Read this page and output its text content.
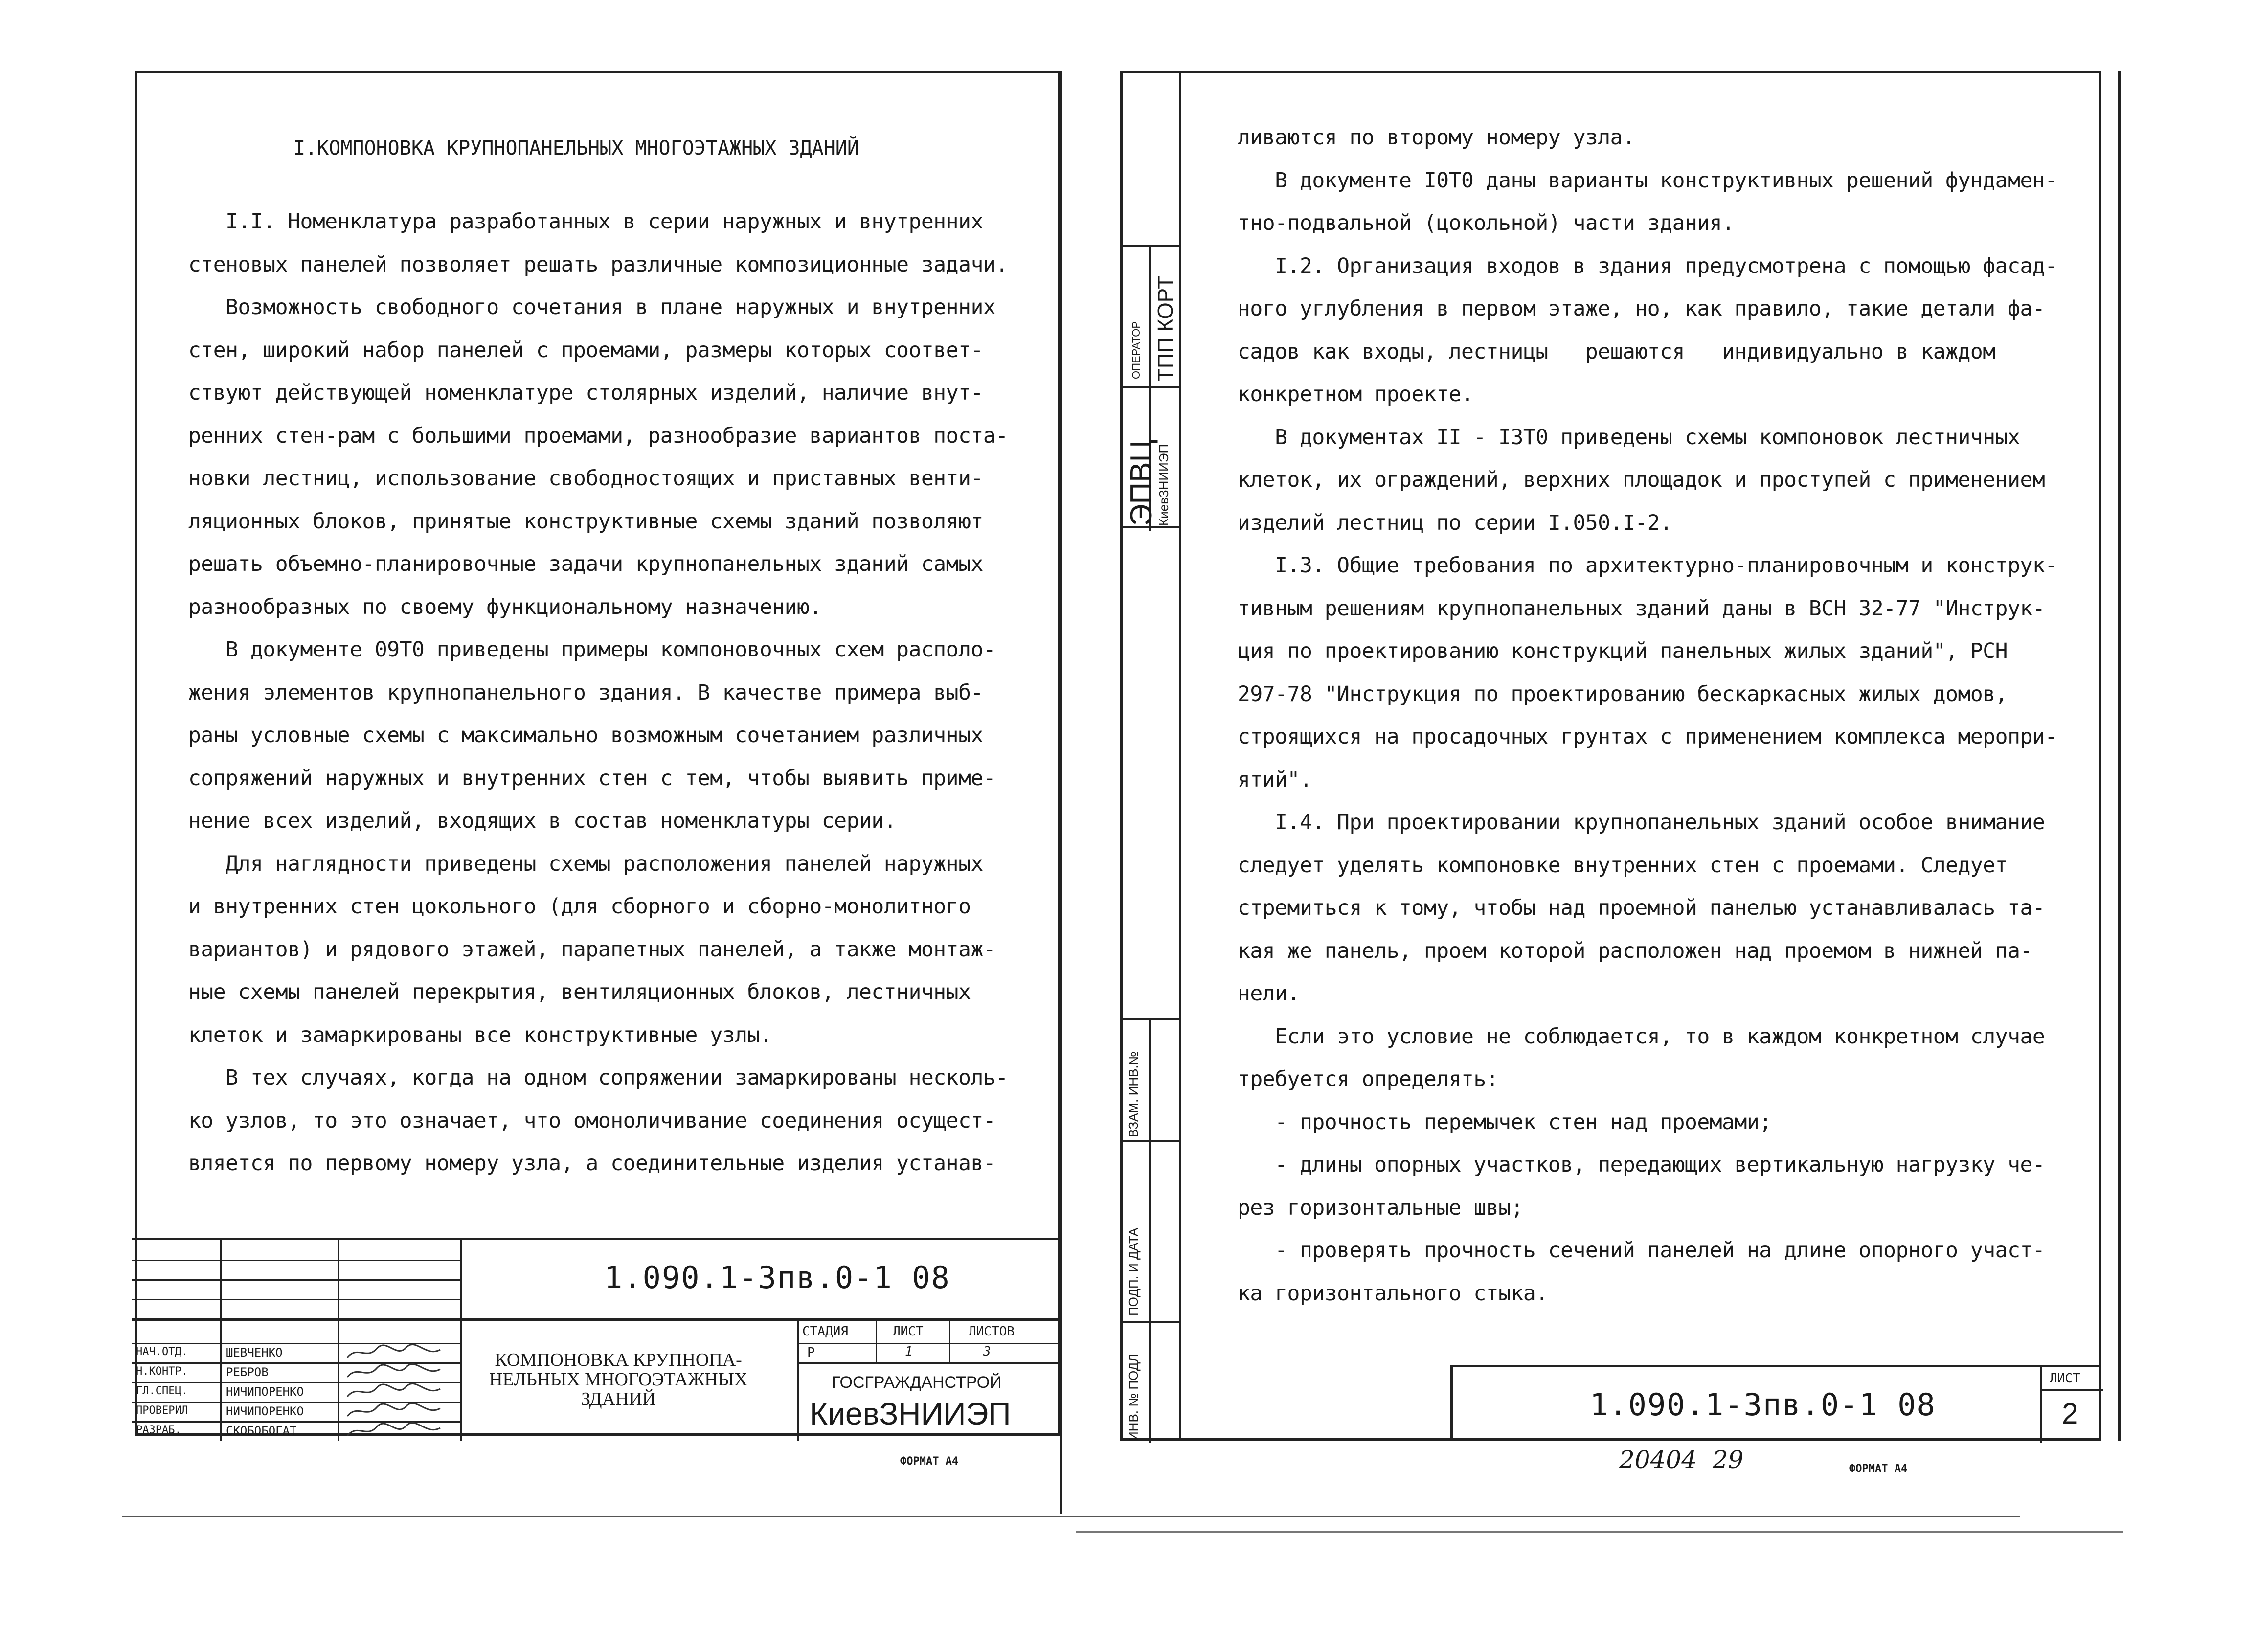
I.КОМПОНОВКА КРУПНОПАНЕЛЬНЫХ МНОГОЭТАЖНЫХ ЗДАНИЙ
I.I. Номенклатура разработанных в серии наружных и внутренних
стеновых панелей позволяет решать различные композиционные задачи.
Возможность свободного сочетания в плане наружных и внутренних
стен, широкий набор панелей с проемами, размеры которых соответ-
ствуют действующей номенклатуре столярных изделий, наличие внут-
ренних стен-рам с большими проемами, разнообразие вариантов поста-
новки лестниц, использование свободностоящих и приставных венти-
ляционных блоков, принятые конструктивные схемы зданий позволяют
решать объемно-планировочные задачи крупнопанельных зданий самых
разнообразных по своему функциональному назначению.
В документе 09Т0 приведены примеры компоновочных схем располо-
жения элементов крупнопанельного здания. В качестве примера выб-
раны условные схемы с максимально возможным сочетанием различных
сопряжений наружных и внутренних стен с тем, чтобы выявить приме-
нение всех изделий, входящих в состав номенклатуры серии.
Для наглядности приведены схемы расположения панелей наружных
и внутренних стен цокольного (для сборного и сборно-монолитного
вариантов) и рядового этажей, парапетных панелей, а также монтаж-
ные схемы панелей перекрытия, вентиляционных блоков, лестничных
клеток и замаркированы все конструктивные узлы.
В тех случаях, когда на одном сопряжении замаркированы несколь-
ко узлов, то это означает, что омоноличивание соединения осущест-
вляется по первому номеру узла, а соединительные изделия устанав-
1.090.1-3пв.0-1 08
НАЧ.ОТД.	ШЕВЧЕНКО
Н.КОНТР.	РЕБРОВ
ГЛ.СПЕЦ.	НИЧИПОРЕНКО
ПРОВЕРИЛ	НИЧИПОРЕНКО
РАЗРАБ.	СКОБОБОГАТ
КОМПОНОВКА КРУПНОПА-
НЕЛЬНЫХ МНОГОЭТАЖНЫХ
ЗДАНИЙ
СТАДИЯ	ЛИСТ	ЛИСТОВ
Р	1	3
ГОСГРАЖДАНСТРОЙ
КиевЗНИИЭП
ФОРМАТ А4
ЭПВЦ
КиевЗНИИЭП
ОПЕРАТОР ТПП КОРТ
ИНВ. № ПОДЛ
ПОДП. И ДАТА
ВЗАМ. ИНВ.№
ливаются по второму номеру узла.
В документе I0Т0 даны варианты конструктивных решений фундамен-
тно-подвальной (цокольной) части здания.
I.2. Организация входов в здания предусмотрена с помощью фасад-
ного углубления в первом этаже, но, как правило, такие детали фа-
садов как входы, лестницы   решаются   индивидуально в каждом
конкретном проекте.
В документах II - I3Т0 приведены схемы компоновок лестничных
клеток, их ограждений, верхних площадок и проступей с применением
изделий лестниц по серии I.050.I-2.
I.3. Общие требования по архитектурно-планировочным и конструк-
тивным решениям крупнопанельных зданий даны в ВСН 32-77 "Инструк-
ция по проектированию конструкций панельных жилых зданий", РСН
297-78 "Инструкция по проектированию бескаркасных жилых домов,
строящихся на просадочных грунтах с применением комплекса меропри-
ятий".
I.4. При проектировании крупнопанельных зданий особое внимание
следует уделять компоновке внутренних стен с проемами. Следует
стремиться к тому, чтобы над проемной панелью устанавливалась та-
кая же панель, проем которой расположен над проемом в нижней па-
нели.
Если это условие не соблюдается, то в каждом конкретном случае
требуется определять:
- прочность перемычек стен над проемами;
- длины опорных участков, передающих вертикальную нагрузку че-
рез горизонтальные швы;
- проверять прочность сечений панелей на длине опорного участ-
ка горизонтального стыка.
1.090.1-3пв.0-1 08
ЛИСТ
2
20404  29	ФОРМАТ А4
